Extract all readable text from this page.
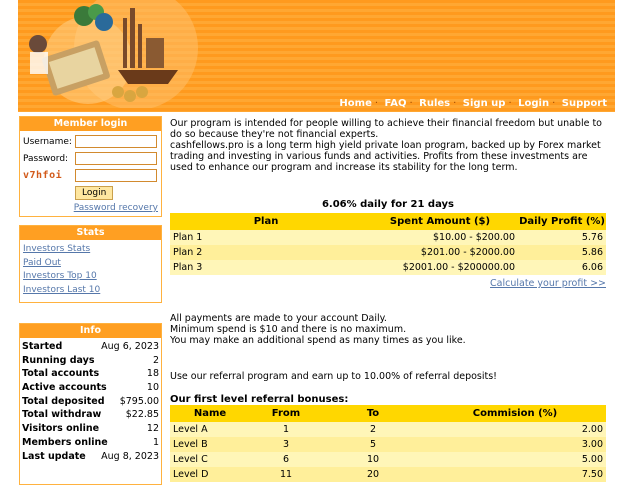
Home · FAQ · Rules · Sign up · Login · Support
Member login
Username:
Password:
v7hfoi
Login
Password recovery
Stats
Investors Stats
Paid Out
Investors Top 10
Investors Last 10
Info
Started	Aug 6, 2023
Running days	2
Total accounts	18
Active accounts	10
Total deposited $795.00
Total withdraw	$22.85
Visitors online	12
Members online	1
Last update Aug 8, 2023

Our program is intended for people willing to achieve their financial freedom but unable to do so because they're not financial experts.

cashfellows.pro is a long term high yield private loan program, backed up by Forex market trading and investing in various funds and activities. Profits from these investments are used to enhance our program and increase its stability for the long term.

6.06% daily for 21 days
Plan	Spent Amount ($)	Daily Profit (%)
Plan 1	$10.00 - $200.00	5.76
Plan 2	$201.00 - $2000.00	5.86
Plan 3	$2001.00 - $200000.00	6.06
Calculate your profit >>

All payments are made to your account Daily.

Minimum spend is $10 and there is no maximum.

You may make an additional spend as many times as you like.

Use our referral program and earn up to 10.00% of referral deposits!

Our first level referral bonuses:
Name	From	To	Commision (%)
Level A	1	2	2.00
Level B	3	5	3.00
Level C	6	10	5.00
Level D	11	20	7.50
